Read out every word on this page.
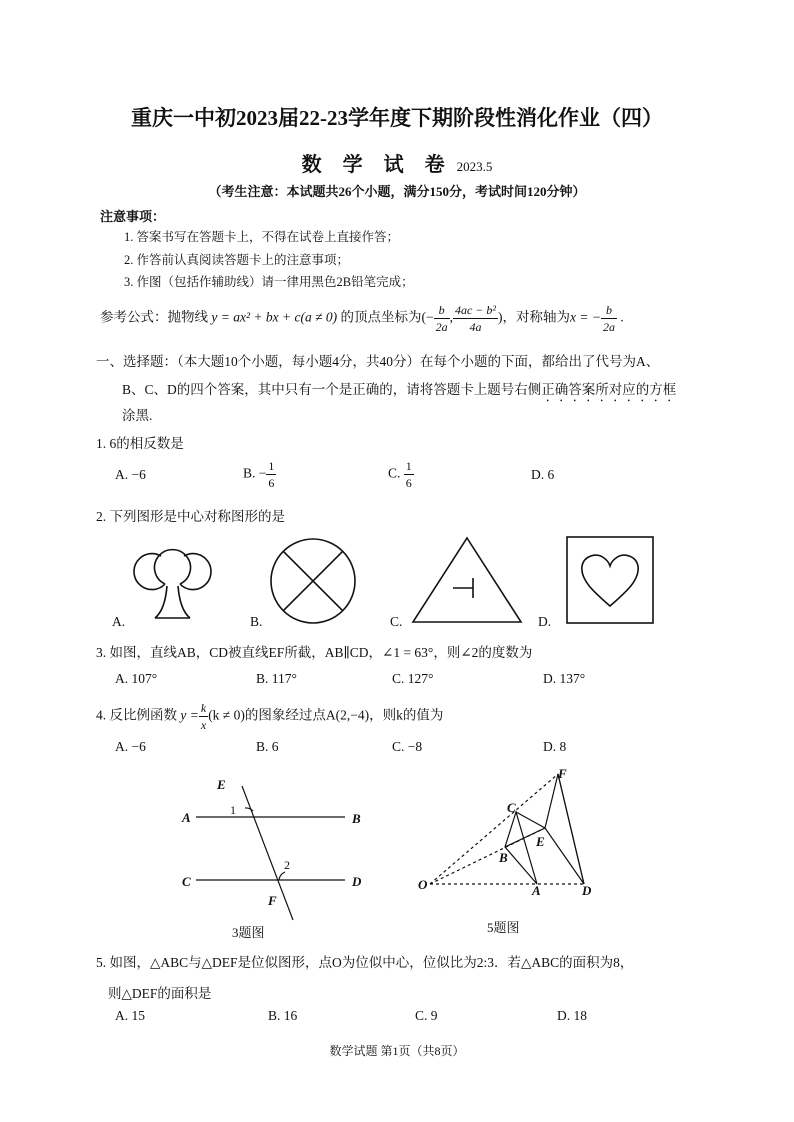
重庆一中初2023届22-23学年度下期阶段性消化作业（四）
数 学 试 卷 2023.5
（考生注意：本试题共26个小题，满分150分，考试时间120分钟）
注意事项：
1. 答案书写在答题卡上，不得在试卷上直接作答；
2. 作答前认真阅读答题卡上的注意事项；
3. 作图（包括作辅助线）请一律用黑色2B铅笔完成；
参考公式：抛物线 y = ax² + bx + c(a ≠ 0) 的顶点坐标为(− $\frac{b}{2a}$ , $\frac{\text{4ac − b²}}{4a}$ )，对称轴为x = − $\frac{b}{2a}$ .
一、选择题：（本大题10个小题，每小题4分，共40分）在每个小题的下面，都给出了代号为A、
B、C、D的四个答案，其中只有一个是正确的，请将答题卡上题号右侧正确答案所对应的方框
涂黑.
1. 6的相反数是
A. −6	B. − $\frac{1}{6}$	C. $\frac{1}{6}$	D. 6
2. 下列图形是中心对称图形的是
A.	B.	C.	D.
3. 如图，直线AB，CD被直线EF所截，AB∥CD，∠1 = 63°，则∠2的度数为
A. 107°	B. 117°	C. 127°	D. 137°
4. 反比例函数 $y = \frac{k}{x} (k \ne 0)$的图象经过点A(2,−4)，则k的值为
A. −6	B. 6	C. −8	D. 8
E
A	B
C	D
F
1
2
3题图
F
C
E
B
O	A	D
5题图
5. 如图，△ABC与△DEF是位似图形，点O为位似中心，位似比为2:3．若△ABC的面积为8，
则△DEF的面积是
A. 15	B. 16	C. 9	D. 18
数学试题 第1页（共8页）
